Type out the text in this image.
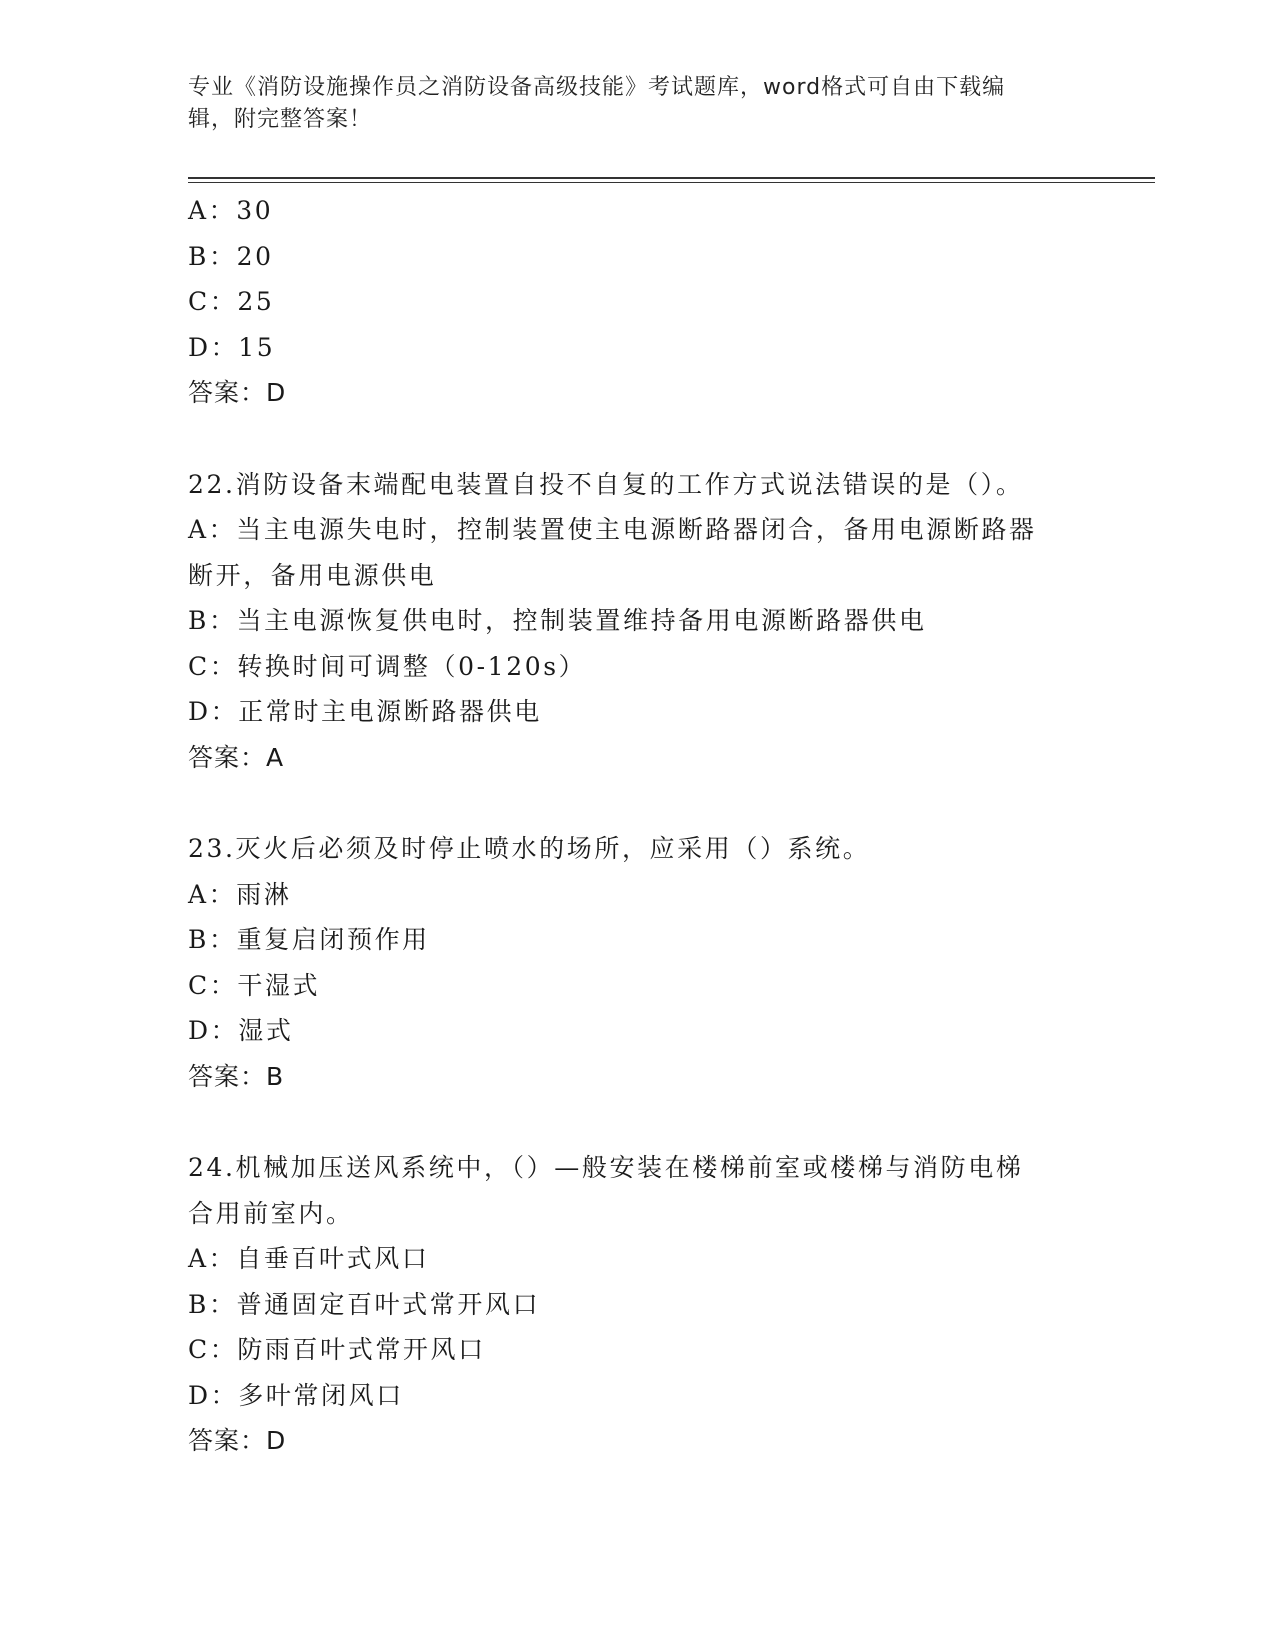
专业《消防设施操作员之消防设备高级技能》考试题库，word格式可自由下载编
辑，附完整答案！
A：30
B：20
C：25
D：15
答案：D
22.消防设备末端配电装置自投不自复的工作方式说法错误的是（）。
A：当主电源失电时，控制装置使主电源断路器闭合，备用电源断路器
断开，备用电源供电
B：当主电源恢复供电时，控制装置维持备用电源断路器供电
C：转换时间可调整（0-120s）
D：正常时主电源断路器供电
答案：A
23.灭火后必须及时停止喷水的场所，应采用（）系统。
A：雨淋
B：重复启闭预作用
C：干湿式
D：湿式
答案：B
24.机械加压送风系统中，（）—般安装在楼梯前室或楼梯与消防电梯
合用前室内。
A：自垂百叶式风口
B：普通固定百叶式常开风口
C：防雨百叶式常开风口
D：多叶常闭风口
答案：D
